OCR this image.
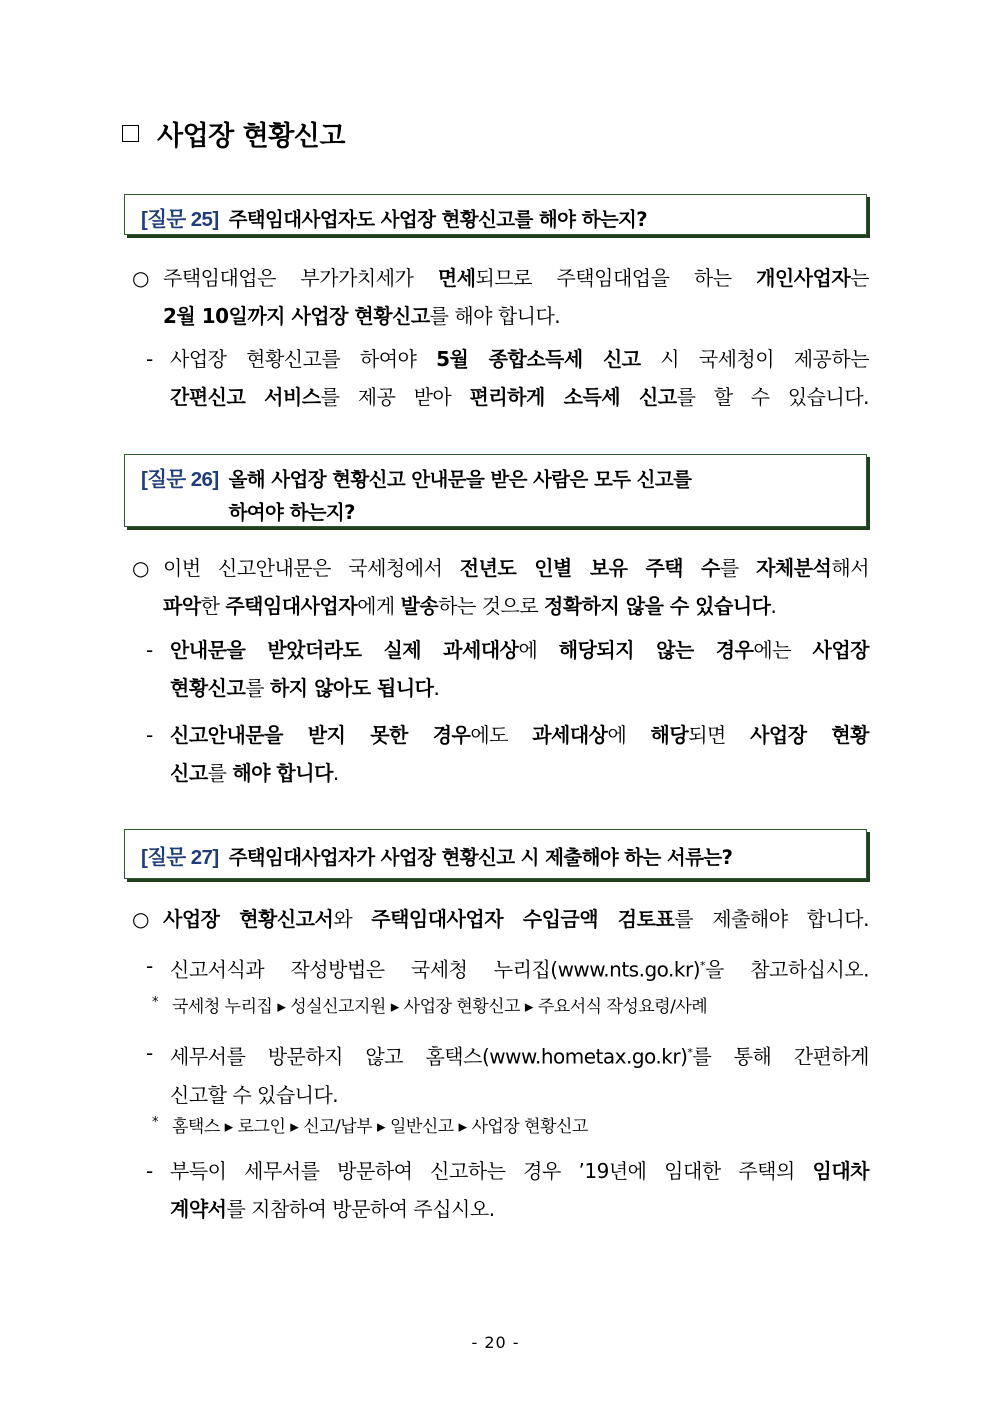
사업장 현황신고
[질문 25] 주택임대사업자도 사업장 현황신고를 해야 하는지?
○ 주택임대업은 부가가치세가 면세되므로 주택임대업을 하는 개인사업자는
2월 10일까지 사업장 현황신고를 해야 합니다.
- 사업장 현황신고를 하여야 5월 종합소득세 신고 시 국세청이 제공하는
간편신고 서비스를 제공 받아 편리하게 소득세 신고를 할 수 있습니다.
[질문 26] 올해 사업장 현황신고 안내문을 받은 사람은 모두 신고를
하여야 하는지?
○ 이번 신고안내문은 국세청에서 전년도 인별 보유 주택 수를 자체분석해서
파악한 주택임대사업자에게 발송하는 것으로 정확하지 않을 수 있습니다.
- 안내문을 받았더라도 실제 과세대상에 해당되지 않는 경우에는 사업장
현황신고를 하지 않아도 됩니다.
- 신고안내문을 받지 못한 경우에도 과세대상에 해당되면 사업장 현황
신고를 해야 합니다.
[질문 27] 주택임대사업자가 사업장 현황신고 시 제출해야 하는 서류는?
○ 사업장 현황신고서와 주택임대사업자 수입금액 검토표를 제출해야 합니다.
- 신고서식과 작성방법은 국세청 누리집(www.nts.go.kr)*을 참고하십시오.
* 국세청 누리집 ▸ 성실신고지원 ▸ 사업장 현황신고 ▸ 주요서식 작성요령/사례
- 세무서를 방문하지 않고 홈택스(www.hometax.go.kr)*를 통해 간편하게
신고할 수 있습니다.
* 홈택스 ▸ 로그인 ▸ 신고/납부 ▸ 일반신고 ▸ 사업장 현황신고
- 부득이 세무서를 방문하여 신고하는 경우 ’19년에 임대한 주택의 임대차
계약서를 지참하여 방문하여 주십시오.
- 20 -
